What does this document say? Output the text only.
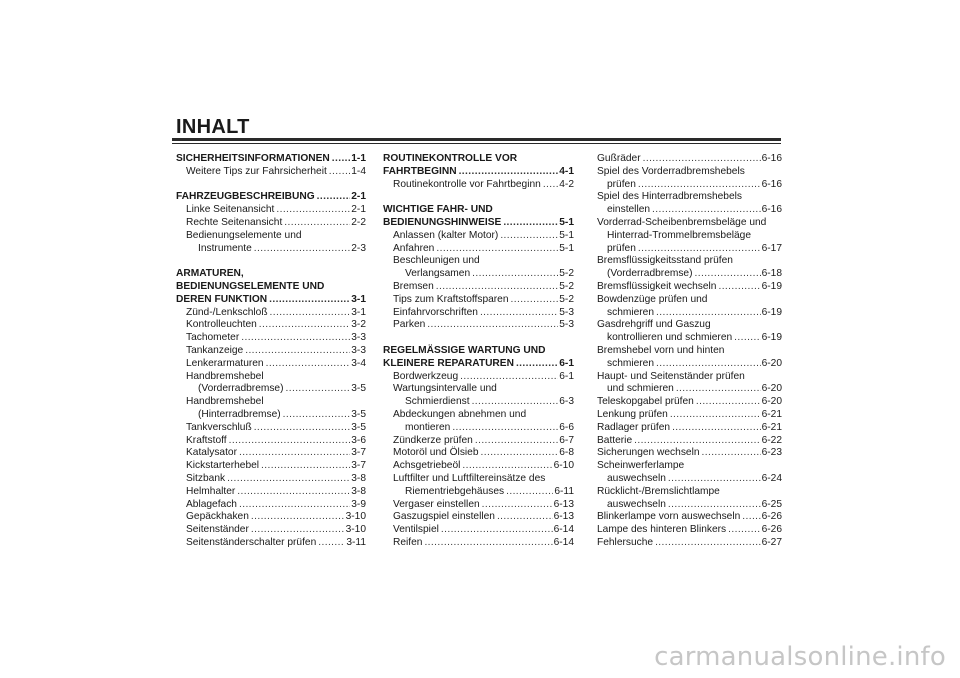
INHALT
SICHERHEITSINFORMATIONEN ..... 1-1
Weitere Tips zur Fahrsicherheit ..... 1-4
FAHRZEUGBESCHREIBUNG .....	2-1
Linke Seitenansicht .....	2-1
Rechte Seitenansicht .....	2-2
Bedienungselemente und
Instrumente .....	2-3
ARMATUREN,
BEDIENUNGSELEMENTE UND
DEREN FUNKTION .....	3-1
Zünd-/Lenkschloß .....	3-1
Kontrolleuchten .....	3-2
Tachometer .....	3-3
Tankanzeige .....	3-3
Lenkerarmaturen .....	3-4
Handbremshebel
(Vorderradbremse) .....	3-5
Handbremshebel
(Hinterradbremse) .....	3-5
Tankverschluß .....	3-5
Kraftstoff .....	3-6
Katalysator .....	3-7
Kickstarterhebel .....	3-7
Sitzbank .....	3-8
Helmhalter .....	3-8
Ablagefach .....	3-9
Gepäckhaken .....	3-10
Seitenständer .....	3-10
Seitenständerschalter prüfen .....	3-11
ROUTINEKONTROLLE VOR
FAHRTBEGINN .....	4-1
Routinekontrolle vor Fahrtbeginn ..... 4-2
WICHTIGE FAHR- UND
BEDIENUNGSHINWEISE .....	5-1
Anlassen (kalter Motor) .....	5-1
Anfahren .....	5-1
Beschleunigen und
Verlangsamen .....	5-2
Bremsen .....	5-2
Tips zum Kraftstoffsparen .....	5-2
Einfahrvorschriften .....	5-3
Parken .....	5-3
REGELMÄSSIGE WARTUNG UND
KLEINERE REPARATUREN .....	6-1
Bordwerkzeug .....	6-1
Wartungsintervalle und
Schmierdienst .....	6-3
Abdeckungen abnehmen und
montieren .....	6-6
Zündkerze prüfen .....	6-7
Motoröl und Ölsieb .....	6-8
Achsgetriebeöl .....	6-10
Luftfilter und Luftfiltereinsätze des
Riementriebgehäuses .....	6-11
Vergaser einstellen .....	6-13
Gaszugspiel einstellen .....	6-13
Ventilspiel .....	6-14
Reifen .....	6-14
Gußräder .....	6-16
Spiel des Vorderradbremshebels
prüfen .....	6-16
Spiel des Hinterradbremshebels
einstellen .....	6-16
Vorderrad-Scheibenbremsbeläge und
Hinterrad-Trommelbremsbeläge
prüfen .....	6-17
Bremsflüssigkeitsstand prüfen
(Vorderradbremse) .....	6-18
Bremsflüssigkeit wechseln .....	6-19
Bowdenzüge prüfen und
schmieren .....	6-19
Gasdrehgriff und Gaszug
kontrollieren und schmieren .....	6-19
Bremshebel vorn und hinten
schmieren .....	6-20
Haupt- und Seitenständer prüfen
und schmieren .....	6-20
Teleskopgabel prüfen .....	6-20
Lenkung prüfen .....	6-21
Radlager prüfen .....	6-21
Batterie .....	6-22
Sicherungen wechseln .....	6-23
Scheinwerferlampe
auswechseln .....	6-24
Rücklicht-/Bremslichtlampe
auswechseln .....	6-25
Blinkerlampe vorn auswechseln ..... 6-26
Lampe des hinteren Blinkers .....	6-26
Fehlersuche .....	6-27
carmanualsonline.info
